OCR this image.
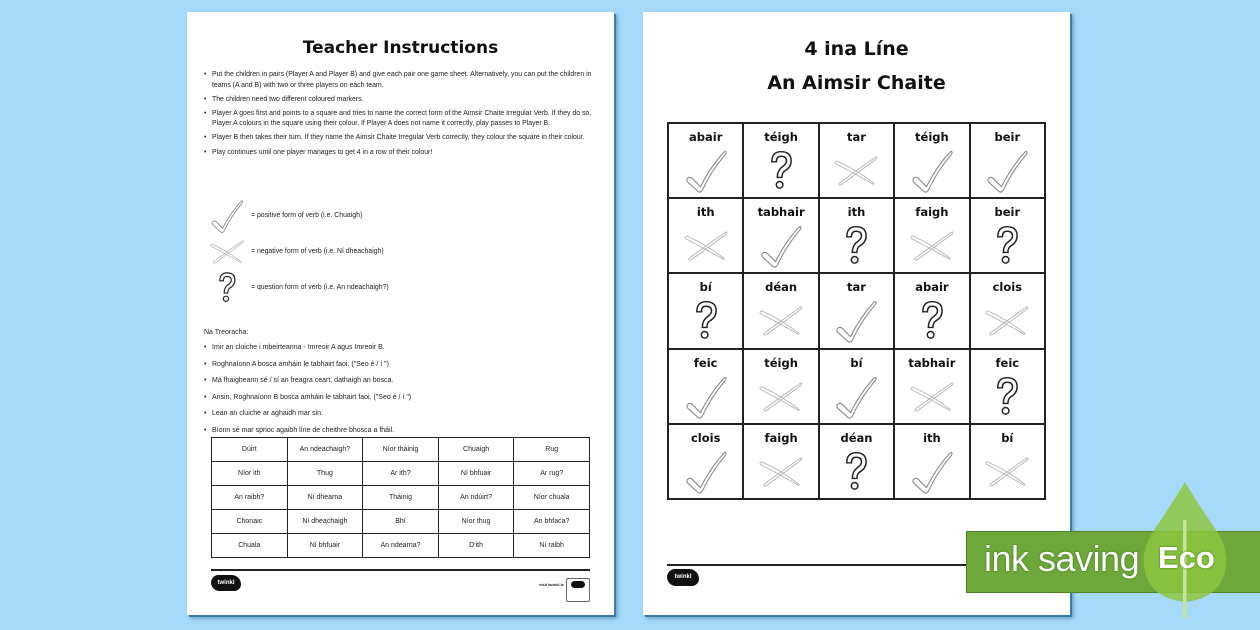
Teacher Instructions
• Put the children in pairs (Player A and Player B) and give each pair one game sheet. Alternatively, you can put the children in teams (A and B) with two or three players on each team.
• The children need two different coloured markers.
• Player A goes first and points to a square and tries to name the correct form of the Aimsir Chaite Irregular Verb. If they do so, Player A colours in the square using their colour. If Player A does not name it correctly, play passes to Player B.
• Player B then takes their turn. If they name the Aimsir Chaite Irregular Verb correctly, they colour the square in their colour.
• Play continues until one player manages to get 4 in a row of their colour!
= positive form of verb (i.e. Chuaigh)
= negative form of verb (i.e. Ní dheachaigh)
= question form of verb (i.e. An ndeachaigh?)
Na Treoracha:
• Imir an cluiche i mbeirteanna - Imreoir A agus Imreoir B.
• Roghnaíonn A bosca amháin le tabhairt faoi. ("Seo é / í ")
• Má fhaigheann sé / sí an freagra ceart, dathaigh an bosca.
• Ansin, Roghnaíonn B bosca amháin le tabhairt faoi. ("Seo é / í ")
• Lean an cluiche ar aghaidh mar sin.
• Bíonn sé mar sprioc agaibh líne de cheithre bhosca a fháil.
Dúirt	An ndeachaigh?	Níor tháinig	Chuaigh	Rug
Níor ith	Thug	Ar ith?	Ní bhfuair	Ar rug?
An raibh?	Ní dhearna	Tháinig	An ndúirt?	Níor chuala
Chonaic	Ní dheachaigh	Bhí	Níor thug	An bhfaca?
Chuala	Ní bhfuair	An ndearna?	D'ith	Ní raibh
twinkl	visit twinkl.ie
4 ina Líne
An Aimsir Chaite
abair	téigh	tar	téigh	beir
ith	tabhair	ith	faigh	beir
bí	déan	tar	abair	clois
feic	téigh	bí	tabhair	feic
clois	faigh	déan	ith	bí
twinkl	ink saving Eco
